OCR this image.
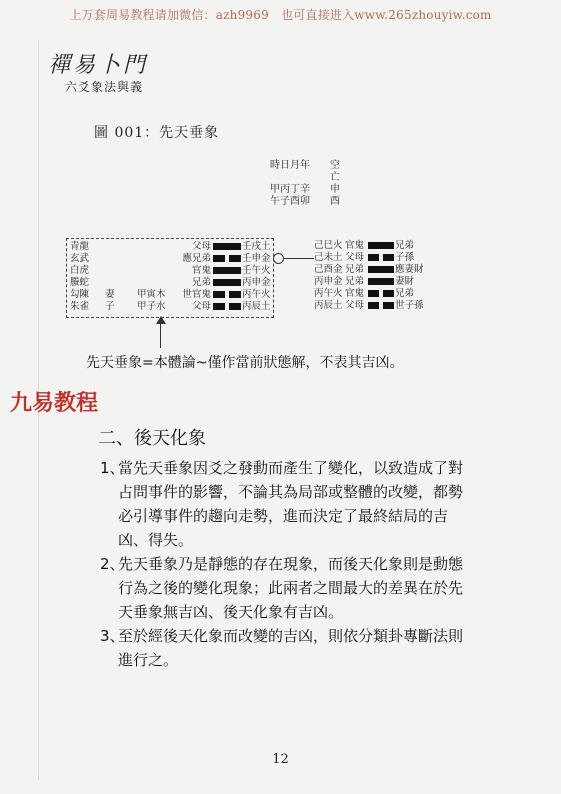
上万套周易教程请加微信：azh9969　也可直接进入www.265zhouyiw.com
禪易卜門
六爻象法與義
圖 001：先天垂象
時日月年
甲丙丁辛
午子酉卯
空
亡
申
酉
青龍
玄武
白虎
螣蛇
勾陳
朱雀
妻
子
甲寅木
甲子水
父母
應兄弟
官鬼
兄弟
世官鬼
父母
壬戌土
壬申金
壬午火
丙申金
丙午火
丙辰土
己巳火
己未土
己酉金
丙申金
丙午火
丙辰土
官鬼
父母
兄弟
兄弟
官鬼
父母
兄弟
子孫
應妻財
妻財
兄弟
世子孫
先天垂象=本體論~僅作當前狀態解，不表其吉凶。
九易教程
二、後天化象
1、
當先天垂象因爻之發動而產生了變化，以致造成了對占問事件的影響，不論其為局部或整體的改變，都勢必引導事件的趨向走勢，進而決定了最終結局的吉凶、得失。
2、
先天垂象乃是靜態的存在現象，而後天化象則是動態行為之後的變化現象；此兩者之間最大的差異在於先天垂象無吉凶、後天化象有吉凶。
3、
至於經後天化象而改變的吉凶，則依分類卦專斷法則進行之。
12
